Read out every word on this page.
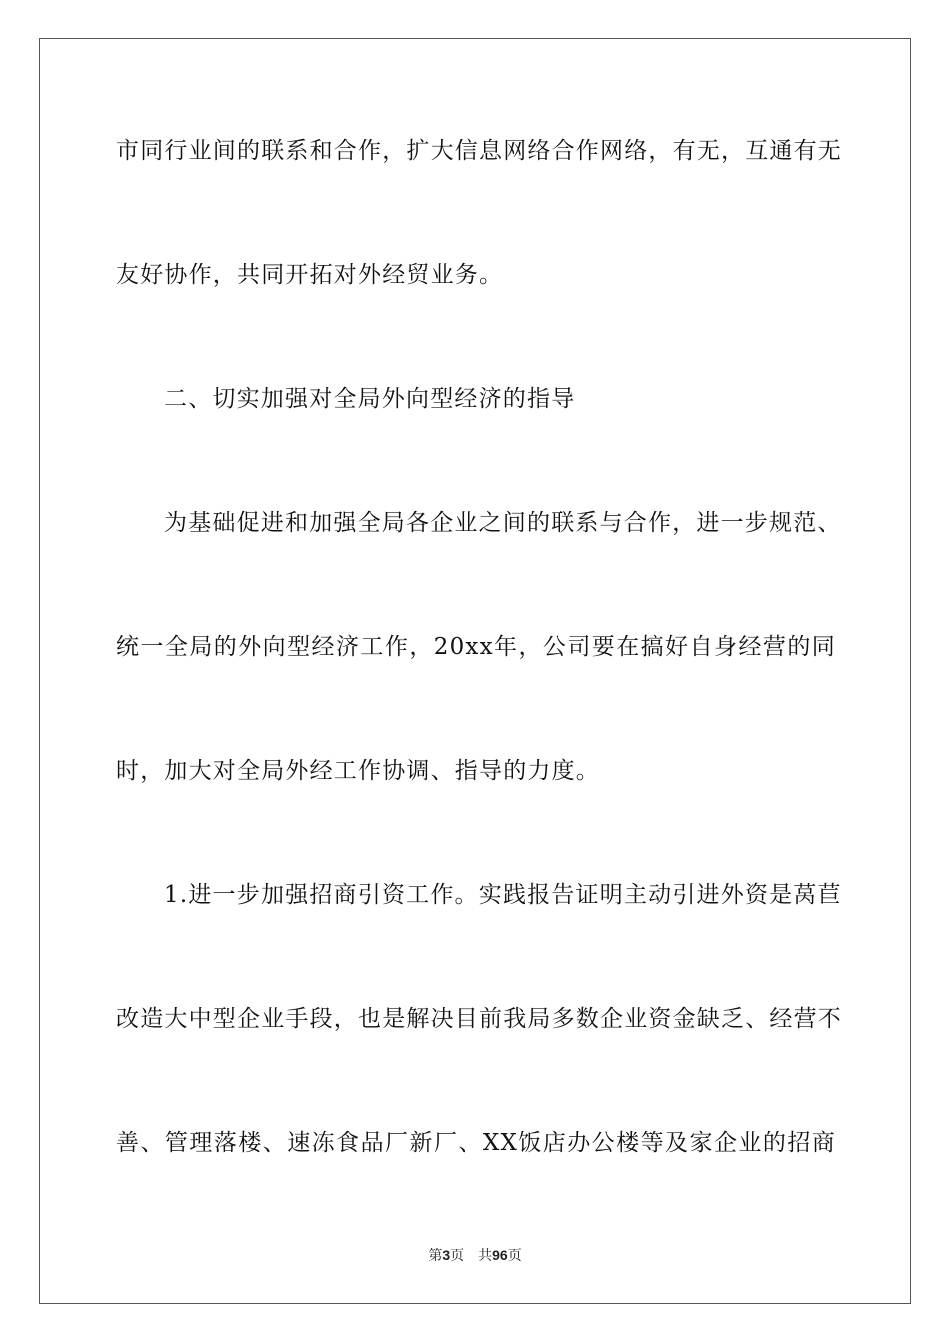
市同行业间的联系和合作，扩大信息网络合作网络，有无，互通有无
友好协作，共同开拓对外经贸业务。
二、切实加强对全局外向型经济的指导
为基础促进和加强全局各企业之间的联系与合作，进一步规范、
统一全局的外向型经济工作，20xx年，公司要在搞好自身经营的同
时，加大对全局外经工作协调、指导的力度。
1.进一步加强招商引资工作。实践报告证明主动引进外资是莴苣
改造大中型企业手段，也是解决目前我局多数企业资金缺乏、经营不
善、管理落楼、速冻食品厂新厂、XX饭店办公楼等及家企业的招商
第3页 共96页
